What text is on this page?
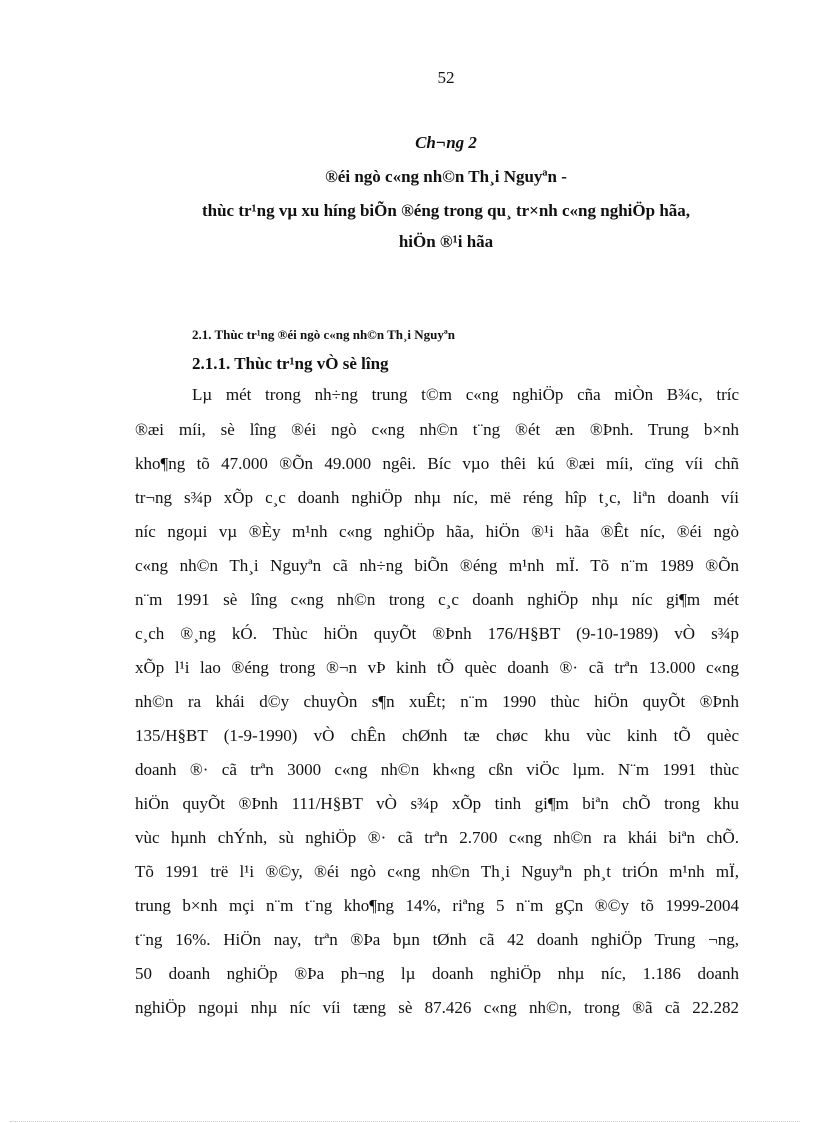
52
Ch¬ng 2
®éi ngò c«ng nh©n Th¸i Nguyªn -
thùc tr¹ng vµ xu híng biÕn ®éng trong qu¸ tr×nh c«ng nghiÖp hãa,
hiÖn ®¹i hãa
2.1. Thùc tr¹ng ®éi ngò c«ng nh©n Th¸i Nguyªn
2.1.1. Thùc tr¹ng vÒ sè lîng
Lµ mét trong nh÷ng trung t©m c«ng nghiÖp cña miÒn B¾c, tríc
®æi míi, sè lîng ®éi ngò c«ng nh©n t¨ng ®ét æn ®Þnh. Trung b×nh
kho¶ng tõ 47.000 ®Õn 49.000 ngêi. Bíc vµo thêi kú ®æi míi, cïng víi chñ
tr¬ng s¾p xÕp c¸c doanh nghiÖp nhµ níc, më réng hîp t¸c, liªn doanh víi
níc ngoµi vµ ®Èy m¹nh c«ng nghiÖp hãa, hiÖn ®¹i hãa ®Êt níc, ®éi ngò
c«ng nh©n Th¸i Nguyªn cã nh÷ng biÕn ®éng m¹nh mÏ. Tõ n¨m 1989 ®Õn
n¨m 1991 sè lîng c«ng nh©n trong c¸c doanh nghiÖp nhµ níc gi¶m mét
c¸ch ®¸ng kÓ. Thùc hiÖn quyÕt ®Þnh 176/H§BT (9-10-1989) vÒ s¾p
xÕp l¹i lao ®éng trong ®¬n vÞ kinh tÕ quèc doanh ®· cã trªn 13.000 c«ng
nh©n ra khái d©y chuyÒn s¶n xuÊt; n¨m 1990 thùc hiÖn quyÕt ®Þnh
135/H§BT (1-9-1990) vÒ chÊn chØnh tæ chøc khu vùc kinh tÕ quèc
doanh ®· cã trªn 3000 c«ng nh©n kh«ng cßn viÖc lµm. N¨m 1991 thùc
hiÖn quyÕt ®Þnh 111/H§BT vÒ s¾p xÕp tinh gi¶m biªn chÕ trong khu
vùc hµnh chÝnh, sù nghiÖp ®· cã trªn 2.700 c«ng nh©n ra khái biªn chÕ.
Tõ 1991 trë l¹i ®©y, ®éi ngò c«ng nh©n Th¸i Nguyªn ph¸t triÓn m¹nh mÏ,
trung b×nh mçi n¨m t¨ng kho¶ng 14%, riªng 5 n¨m gÇn ®©y tõ 1999-2004
t¨ng 16%. HiÖn nay, trªn ®Þa bµn tØnh cã 42 doanh nghiÖp Trung ¬ng,
50 doanh nghiÖp ®Þa ph¬ng lµ doanh nghiÖp nhµ níc, 1.186 doanh
nghiÖp ngoµi nhµ níc víi tæng sè 87.426 c«ng nh©n, trong ®ã cã 22.282
